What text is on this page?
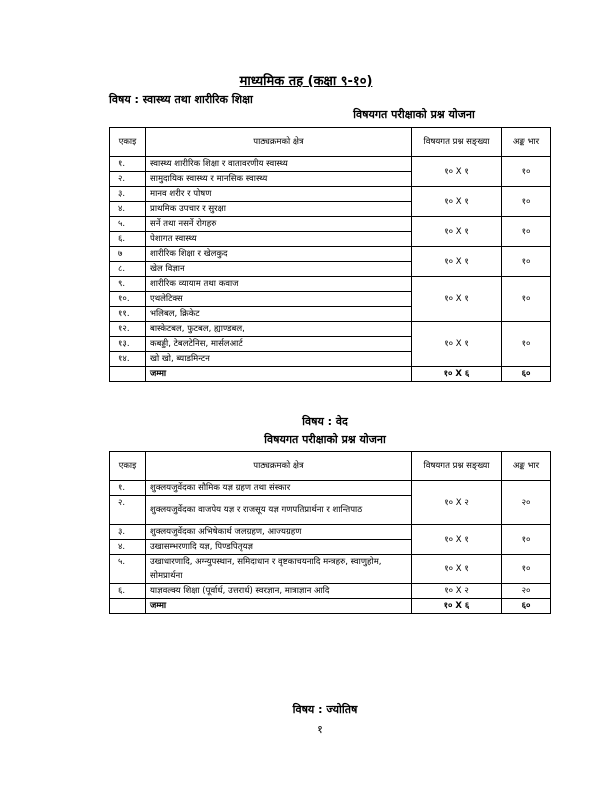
माध्यमिक तह (कक्षा ९-१०)
विषय : स्वास्थ्य तथा शारीरिक शिक्षा
विषयगत परीक्षाको प्रश्न योजना
एकाइ	पाठ्यक्रमको क्षेत्र	विषयगत प्रश्न सङ्ख्या	अङ्क भार
१.	स्वास्थ्य शारीरिक शिक्षा र वातावरणीय स्वास्थ्य	१० X १	१०
२.	सामुदायिक स्वास्थ्य र मानसिक स्वास्थ्य		
३.	मानव शरीर र पोषण	१० X १	१०
४.	प्राथमिक उपचार र सुरक्षा		
५.	सर्ने तथा नसर्ने रोगहरु	१० X १	१०
६.	पेशागत स्वास्थ्य		
७	शारीरिक शिक्षा र खेलकुद	१० X १	१०
८.	खेल विज्ञान		
९.	शारीरिक व्यायाम तथा कवाज	१० X १	१०
१०.	एथलेटिक्स		
११.	भलिबल, क्रिकेट		
१२.	बास्केटबल, फुटबल, ह्याण्डबल,	१० X १	१०
१३.	कबड्डी, टेबलटेनिस, मार्सलआर्ट		
१४.	खो खो, ब्याडमिन्टन		
	जम्मा	१० X ६	६०
विषय : वेद
विषयगत परीक्षाको प्रश्न योजना
एकाइ	पाठ्यक्रमको क्षेत्र	विषयगत प्रश्न सङ्ख्या	अङ्क भार
१.	शुक्लयजुर्वेदका सौमिक यज्ञ ग्रहण तथा संस्कार	१० X २	२०
२.	शुक्लयजुर्वेदका वाजपेय यज्ञ र राजसूय यज्ञ गणपतिप्रार्थना र शान्तिपाठ		
३.	शुक्लयजुर्वेदका अभिषेकार्थ जलग्रहण, आज्यग्रहण	१० X १	१०
४.	उखासम्भरणादि यज्ञ, पिण्डपितृयज्ञ		
५.	उखाधारणादि, अग्न्युपस्थान, समिदाधान र वृष्टकाचयनादि मन्त्रहरु, स्वाणुहोम, सोमप्रार्थना	१० X १	१०
६.	याज्ञवल्क्य शिक्षा (पूर्वार्ध, उत्तरार्ध) स्वरज्ञान, मात्राज्ञान आदि	१० X २	२०
	जम्मा	१० X ६	६०
विषय : ज्योतिष
१
